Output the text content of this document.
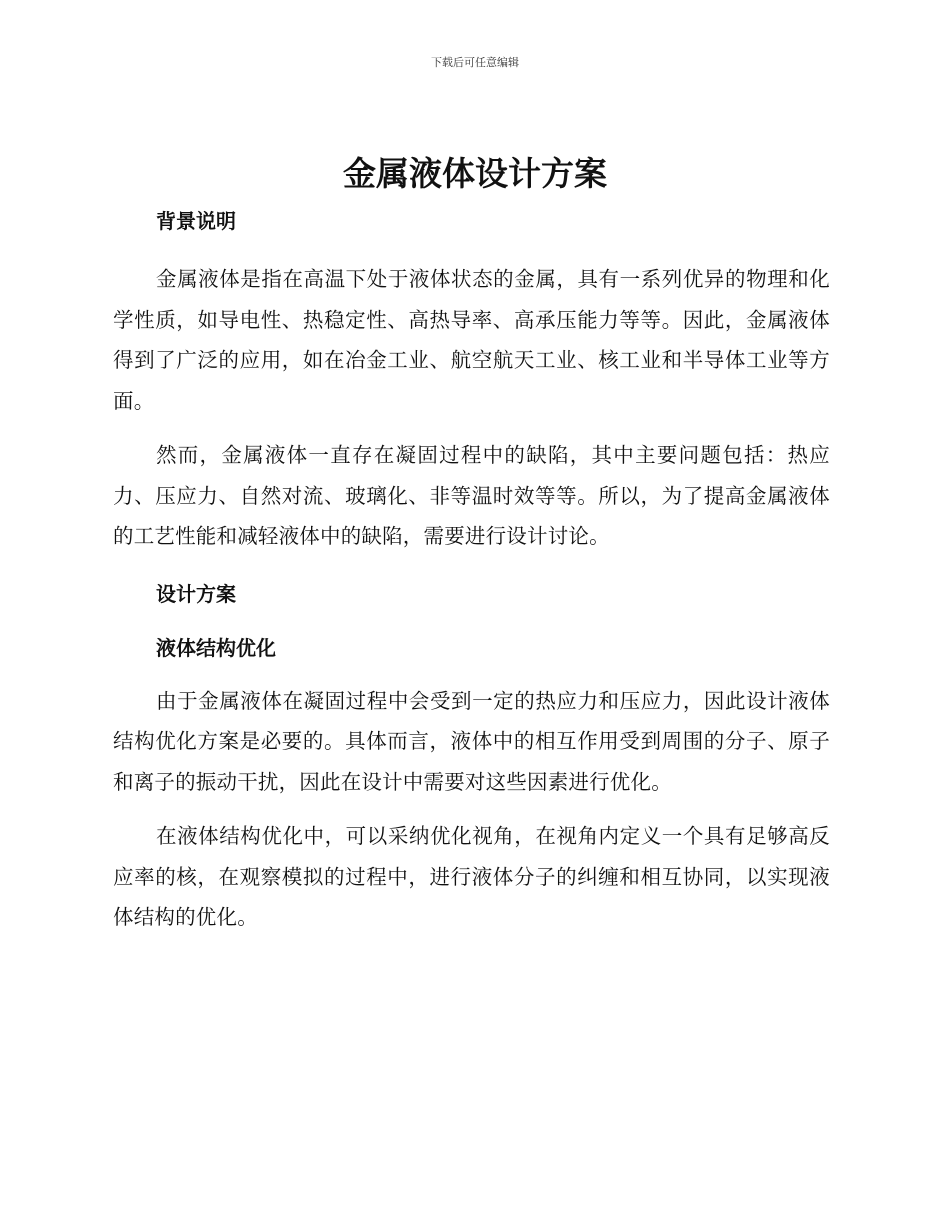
下载后可任意编辑
金属液体设计方案

背景说明

金属液体是指在高温下处于液体状态的金属，具有一系列优异的物理和化学性质，如导电性、热稳定性、高热导率、高承压能力等等。因此，金属液体得到了广泛的应用，如在冶金工业、航空航天工业、核工业和半导体工业等方面。

然而，金属液体一直存在凝固过程中的缺陷，其中主要问题包括：热应力、压应力、自然对流、玻璃化、非等温时效等等。所以，为了提高金属液体的工艺性能和减轻液体中的缺陷，需要进行设计讨论。

设计方案

液体结构优化

由于金属液体在凝固过程中会受到一定的热应力和压应力，因此设计液体结构优化方案是必要的。具体而言，液体中的相互作用受到周围的分子、原子和离子的振动干扰，因此在设计中需要对这些因素进行优化。

在液体结构优化中，可以采纳优化视角，在视角内定义一个具有足够高反应率的核，在观察模拟的过程中，进行液体分子的纠缠和相互协同，以实现液体结构的优化。
